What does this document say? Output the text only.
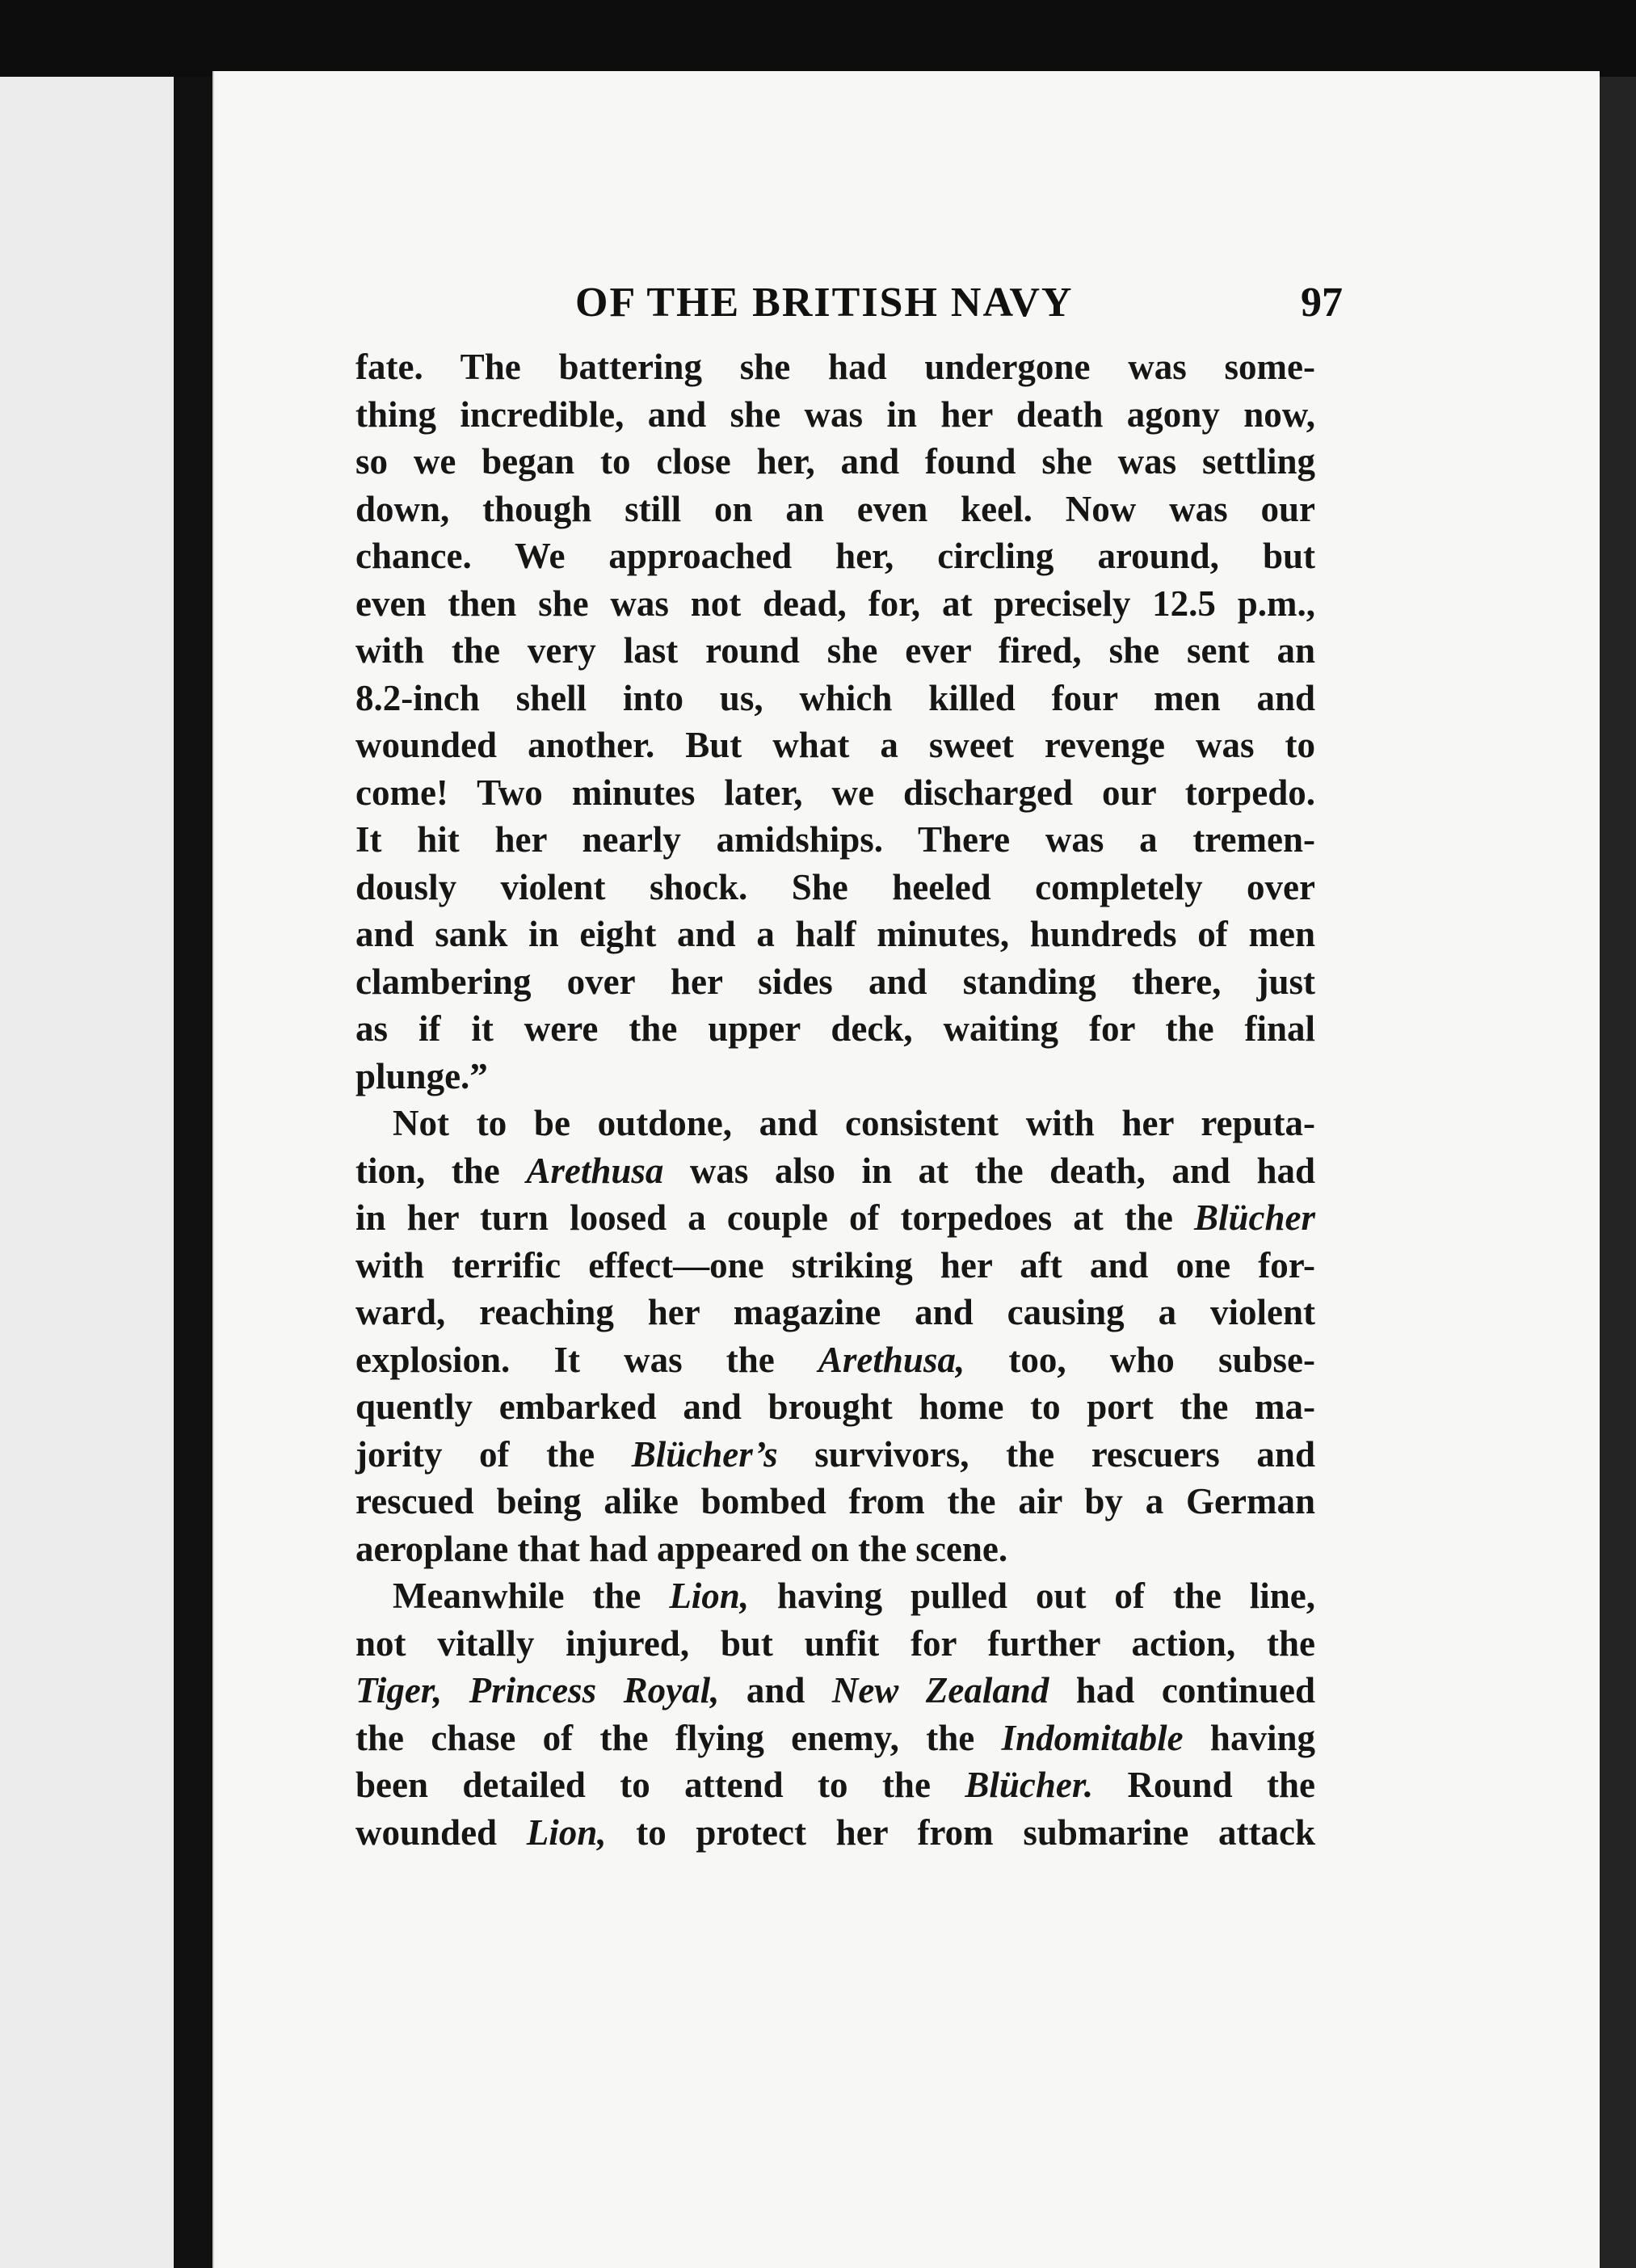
OF THE BRITISH NAVY	97
fate. The battering she had undergone was some-
thing incredible, and she was in her death agony now,
so we began to close her, and found she was settling
down, though still on an even keel. Now was our
chance. We approached her, circling around, but
even then she was not dead, for, at precisely 12.5 p.m.,
with the very last round she ever fired, she sent an
8.2-inch shell into us, which killed four men and
wounded another. But what a sweet revenge was to
come! Two minutes later, we discharged our torpedo.
It hit her nearly amidships. There was a tremen-
dously violent shock. She heeled completely over
and sank in eight and a half minutes, hundreds of men
clambering over her sides and standing there, just
as if it were the upper deck, waiting for the final
plunge.”
Not to be outdone, and consistent with her reputa-
tion, the Arethusa was also in at the death, and had
in her turn loosed a couple of torpedoes at the Blücher
with terrific effect—one striking her aft and one for-
ward, reaching her magazine and causing a violent
explosion. It was the Arethusa, too, who subse-
quently embarked and brought home to port the ma-
jority of the Blücher’s survivors, the rescuers and
rescued being alike bombed from the air by a German
aeroplane that had appeared on the scene.
Meanwhile the Lion, having pulled out of the line,
not vitally injured, but unfit for further action, the
Tiger, Princess Royal, and New Zealand had continued
the chase of the flying enemy, the Indomitable having
been detailed to attend to the Blücher. Round the
wounded Lion, to protect her from submarine attack
